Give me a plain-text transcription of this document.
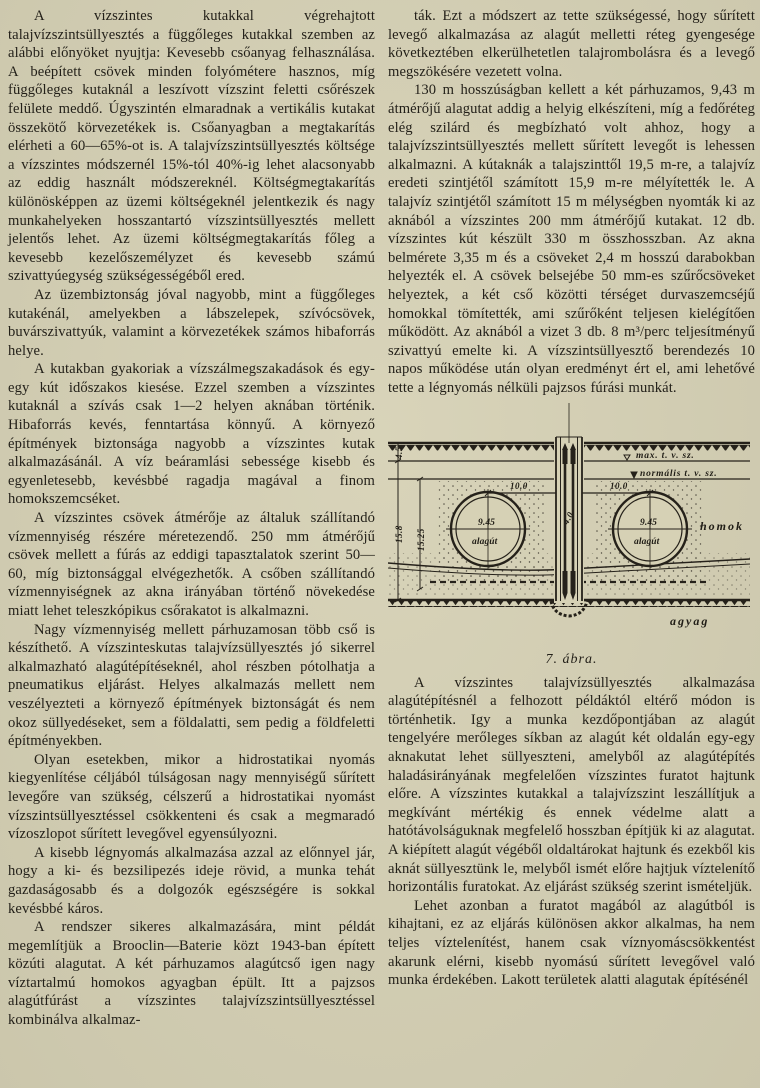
A vízszintes kutakkal végrehajtott talajvízszintsüllyesztés a függőleges kutakkal szemben az alábbi előnyöket nyujtja: Kevesebb csőanyag felhasználása. A beépített csövek minden folyómétere hasznos, míg függőleges kutaknál a leszívott vízszint feletti csőrészek felülete meddő. Úgyszintén elmaradnak a vertikális kutakat összekötő körvezetékek is. Csőanyagban a megtakarítás elérheti a 60—65%-ot is. A talajvízszintsüllyesztés költsége a vízszintes módszernél 15%-tól 40%-ig lehet alacsonyabb az eddig használt módszereknél. Költségmegtakarítás különösképpen az üzemi költségeknél jelentkezik és nagy munkahelyeken hosszantartó vízszintsüllyesztés mellett jelentős lehet. Az üzemi költségmegtakarítás főleg a kevesebb kezelőszemélyzet és kevesebb számú szivattyúegység szükségességéből ered.

Az üzembiztonság jóval nagyobb, mint a függőleges kutakénál, amelyekben a lábszelepek, szívócsövek, buvárszivattyúk, valamint a körvezetékek számos hibaforrás helye.

A kutakban gyakoriak a vízszálmegszakadások és egy-egy kút időszakos kiesése. Ezzel szemben a vízszintes kutaknál a szívás csak 1—2 helyen aknában történik. Hibaforrás kevés, fenntartása könnyű. A környező építmények biztonsága nagyobb a vízszintes kutak alkalmazásánál. A víz beáramlási sebessége kisebb és egyenletesebb, kevésbbé ragadja magával a finom homokszemcséket.

A vízszintes csövek átmérője az általuk szállítandó vízmennyiség részére méretezendő. 250 mm átmérőjű csövek mellett a fúrás az eddigi tapasztalatok szerint 50—60, míg biztonsággal elvégezhetők. A csőben szállítandó vízmennyiségnek az akna irányában történő növekedése miatt lehet teleszkópikus csőrakatot is alkalmazni.

Nagy vízmennyiség mellett párhuzamosan több cső is készíthető. A vízszinteskutas talajvízsüllyesztés jó sikerrel alkalmazható alagútépítéseknél, ahol részben pótolhatja a pneumatikus eljárást. Helyes alkalmazás mellett nem veszélyezteti a környező építmények biztonságát és nem okoz süllyedéseket, sem a földalatti, sem pedig a földfeletti építményekben.

Olyan esetekben, mikor a hidrostatikai nyomás kiegyenlítése céljából túlságosan nagy mennyiségű sűrített levegőre van szükség, célszerű a hidrostatikai nyomást vízszintsüllyesztéssel csökkenteni és csak a megmaradó vízoszlopot sűrített levegővel egyensúlyozni.

A kisebb légnyomás alkalmazása azzal az előnnyel jár, hogy a ki- és bezsilipezés ideje rövid, a munka tehát gazdaságosabb és a dolgozók egészségére is sokkal kevésbbé káros.

A rendszer sikeres alkalmazására, mint példát megemlítjük a Brooclin—Baterie közt 1943-ban épített közúti alagutat. A két párhuzamos alagútcső igen nagy víztartalmú homokos agyagban épült. Itt a pajzsos alagútfúrást a vízszintes talajvízszintsüllyesztéssel kombinálva alkalmaz-

ták. Ezt a módszert az tette szükségessé, hogy sűrített levegő alkalmazása az alagút melletti réteg gyengesége következtében elkerülhetetlen talajrombolásra és a levegő megszökésére vezetett volna.

130 m hosszúságban kellett a két párhuzamos, 9,43 m átmérőjű alagutat addig a helyig elkészíteni, míg a fedőréteg elég szilárd és megbízható volt ahhoz, hogy a talajvízszintsüllyesztés mellett sűrített levegőt is lehessen alkalmazni. A kútaknák a talajszinttől 19,5 m-re, a talajvíz eredeti szintjétől számított 15,9 m-re mélyítették le. A talajvíz szintjétől számított 15 m mélységben nyomták ki az aknából a vízszintes 200 mm átmérőjű kutakat. 12 db. vízszintes kút készült 330 m összhosszban. Az akna belmérete 3,35 m és a csöveket 2,4 m hosszú darabokban helyezték el. A csövek belsejébe 50 mm-es szűrőcsöveket helyeztek, a két cső közötti térséget durvaszemcséjű homokkal tömítették, ami szűrőként teljesen kielégítően működött. Az aknából a vizet 3 db. 8 m³/perc teljesítményű szivattyú emelte ki. A vízszintsüllyesztő berendezés 10 napos működése után olyan eredményt ért el, ami lehetővé tette a légnyomás nélküli pajzsos fúrási munkát.

max. t. v. sz.
normális t. v. sz.
9.45
alagút
9.45
alagút
4.0
10.0	10.0
4.5
15.8 15.25
homok
agyag
7. ábra.

A vízszintes talajvízsüllyesztés alkalmazása alagútépítésnél a felhozott példáktól eltérő módon is történhetik. Igy a munka kezdőpontjában az alagút tengelyére merőleges síkban az alagút két oldalán egy-egy aknakutat lehet süllyeszteni, amelyből az alagútépítés haladásirányának megfelelően vízszintes furatot hajtunk előre. A vízszintes kutakkal a talajvízszint leszállítjuk a megkívánt mértékig és ennek védelme alatt a hatótávolságuknak megfelelő hosszban építjük ki az alagutat. A kiépített alagút végéből oldaltárokat hajtunk és ezekből kis aknát süllyesztünk le, melyből ismét előre hajtjuk víztelenítő horizontális furatokat. Az eljárást szükség szerint ismételjük.

Lehet azonban a furatot magából az alagútból is kihajtani, ez az eljárás különösen akkor alkalmas, ha nem teljes víztelenítést, hanem csak víznyomáscsökkentést akarunk elérni, kisebb nyomású sűrített levegővel való munka érdekében. Lakott területek alatti alagutak építésénél
